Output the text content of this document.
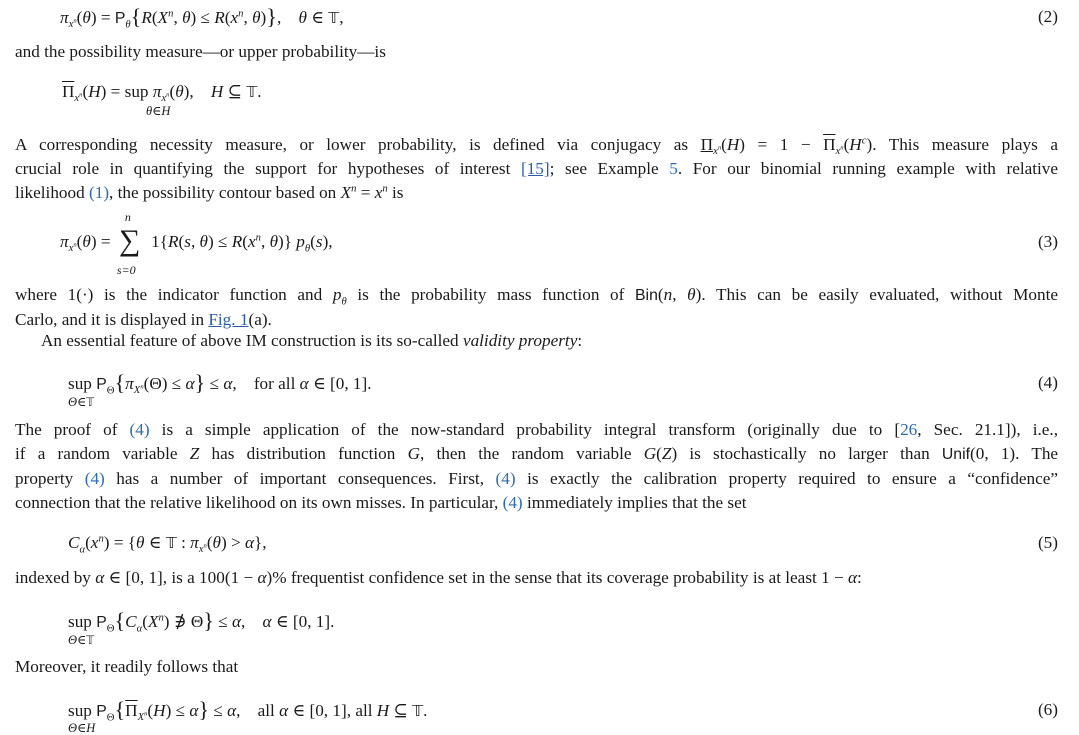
$\pi_{x^n}(\theta) = P_\theta\{R(X^n$, $\theta) \le R(x^n$, θ)},    θ ∈ 𝕋,	(2)
and the possibility measure—or upper probability—is
$\overline{\Pi}_{x^n}(H)$ = sup $\pi_{x^n}(\theta)$,    H ⊆ 𝕋.
θ∈H
A corresponding necessity measure, or lower probability, is defined via conjugacy as $\Pi_{x^n}(H) = 1 - \overline{\Pi}_{x^n}(H^c)$. This measure plays a
crucial role in quantifying the support for hypotheses of interest [15]; see Example 5. For our binomial running example with relative
likelihood (1), the possibility contour based on $X^n = x^n$ is
$\pi_{x^n}(\theta)$ = ∑
n
s=0
1{R(s, $\theta) \le R(x^n$, θ)} $p_\theta(s)$,	(3)
where 1(·) is the indicator function and $p_\theta$ is the probability mass function of Bin(n, θ). This can be easily evaluated, without Monte
Carlo, and it is displayed in Fig. 1(a).
An essential feature of above IM construction is its so-called validity property:
sup $P_\Theta\{\pi_{X^n}(\Theta) \le \alpha\} \le \alpha$,    for all α ∈ [0, 1].
Θ∈𝕋
(4)
The proof of (4) is a simple application of the now-standard probability integral transform (originally due to [26, Sec. 21.1]), i.e.,
if a random variable Z has distribution function G, then the random variable G(Z) is stochastically no larger than Unif(0, 1). The
property (4) has a number of important consequences. First, (4) is exactly the calibration property required to ensure a “confidence”
connection that the relative likelihood on its own misses. In particular, (4) immediately implies that the set
$C_\alpha(x^n) = \{\theta$ ∈ 𝕋 : $\pi_{x^n}(\theta) > \alpha$},	(5)
indexed by α ∈ [0, 1], is a 100(1 − α)% frequentist confidence set in the sense that its coverage probability is at least 1 − α:
sup $P_\Theta\{C_\alpha(X^n)$ ∌ Θ} ≤ α,    α ∈ [0, 1].
Θ∈𝕋
Moreover, it readily follows that
sup $P_\Theta\{\overline{\Pi}_{X^n}(H) \le \alpha\} \le \alpha$,    all α ∈ [0, 1], all H ⊆ 𝕋.
Θ∈H
(6)
